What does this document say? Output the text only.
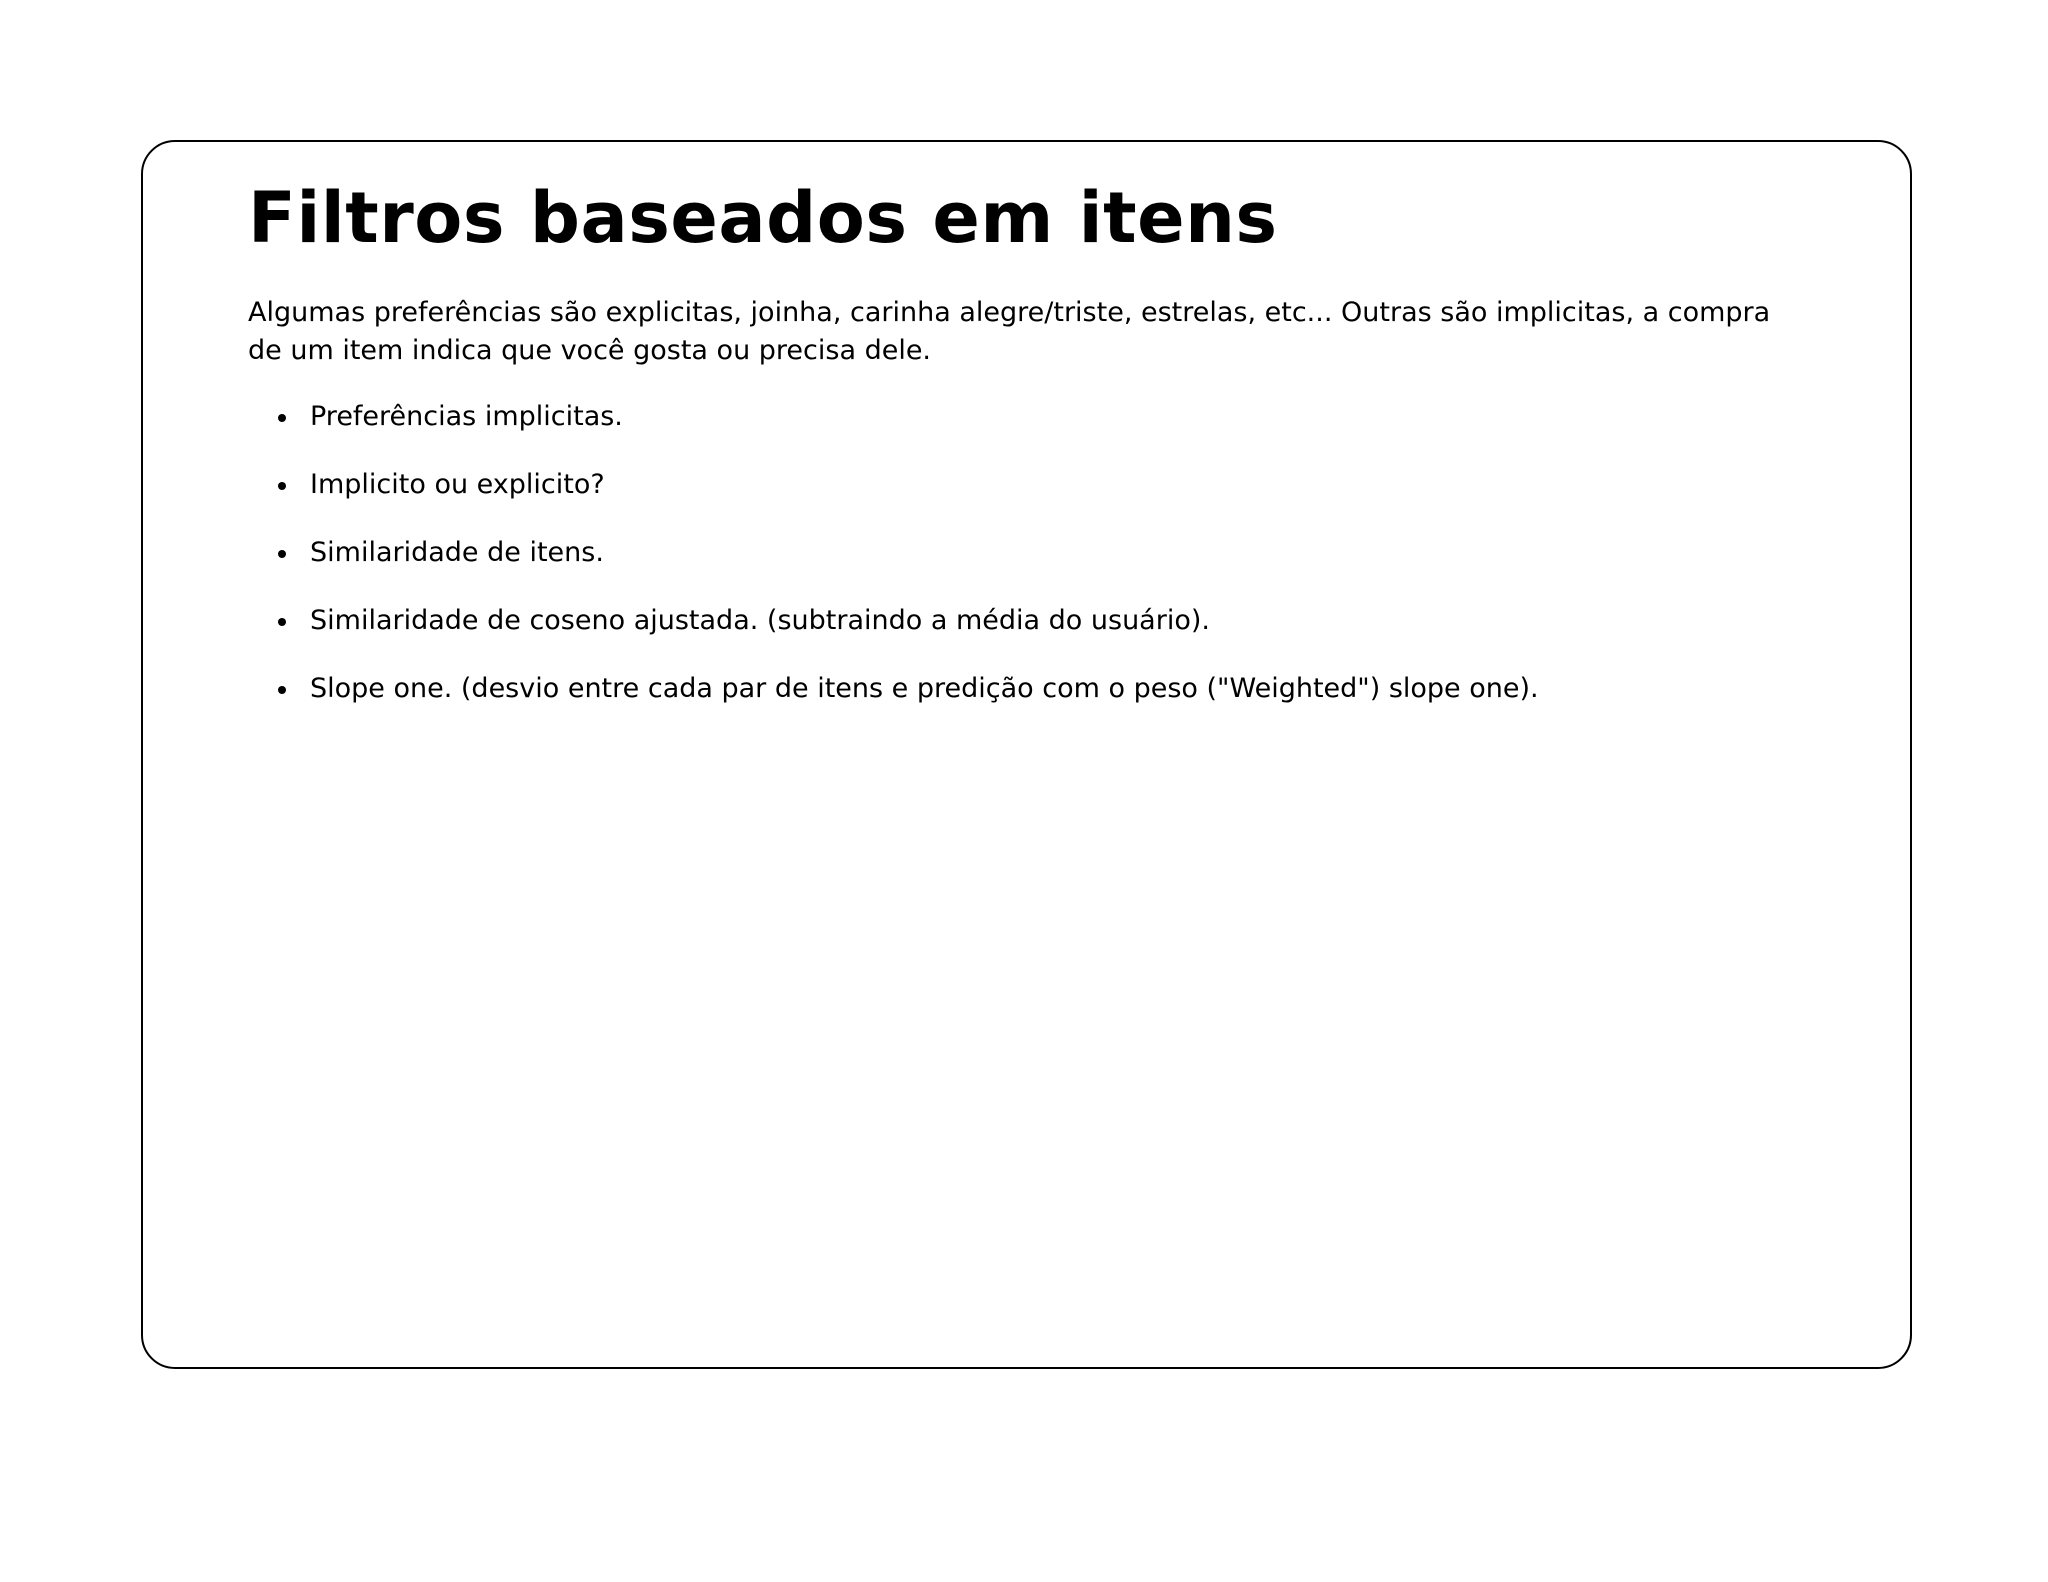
Filtros baseados em itens

Algumas preferências são explicitas, joinha, carinha alegre/triste, estrelas, etc... Outras são implicitas, a compra de um item indica que você gosta ou precisa dele.

Preferências implicitas.
Implicito ou explicito?
Similaridade de itens.
Similaridade de coseno ajustada. (subtraindo a média do usuário).
Slope one. (desvio entre cada par de itens e predição com o peso ("Weighted") slope one).
